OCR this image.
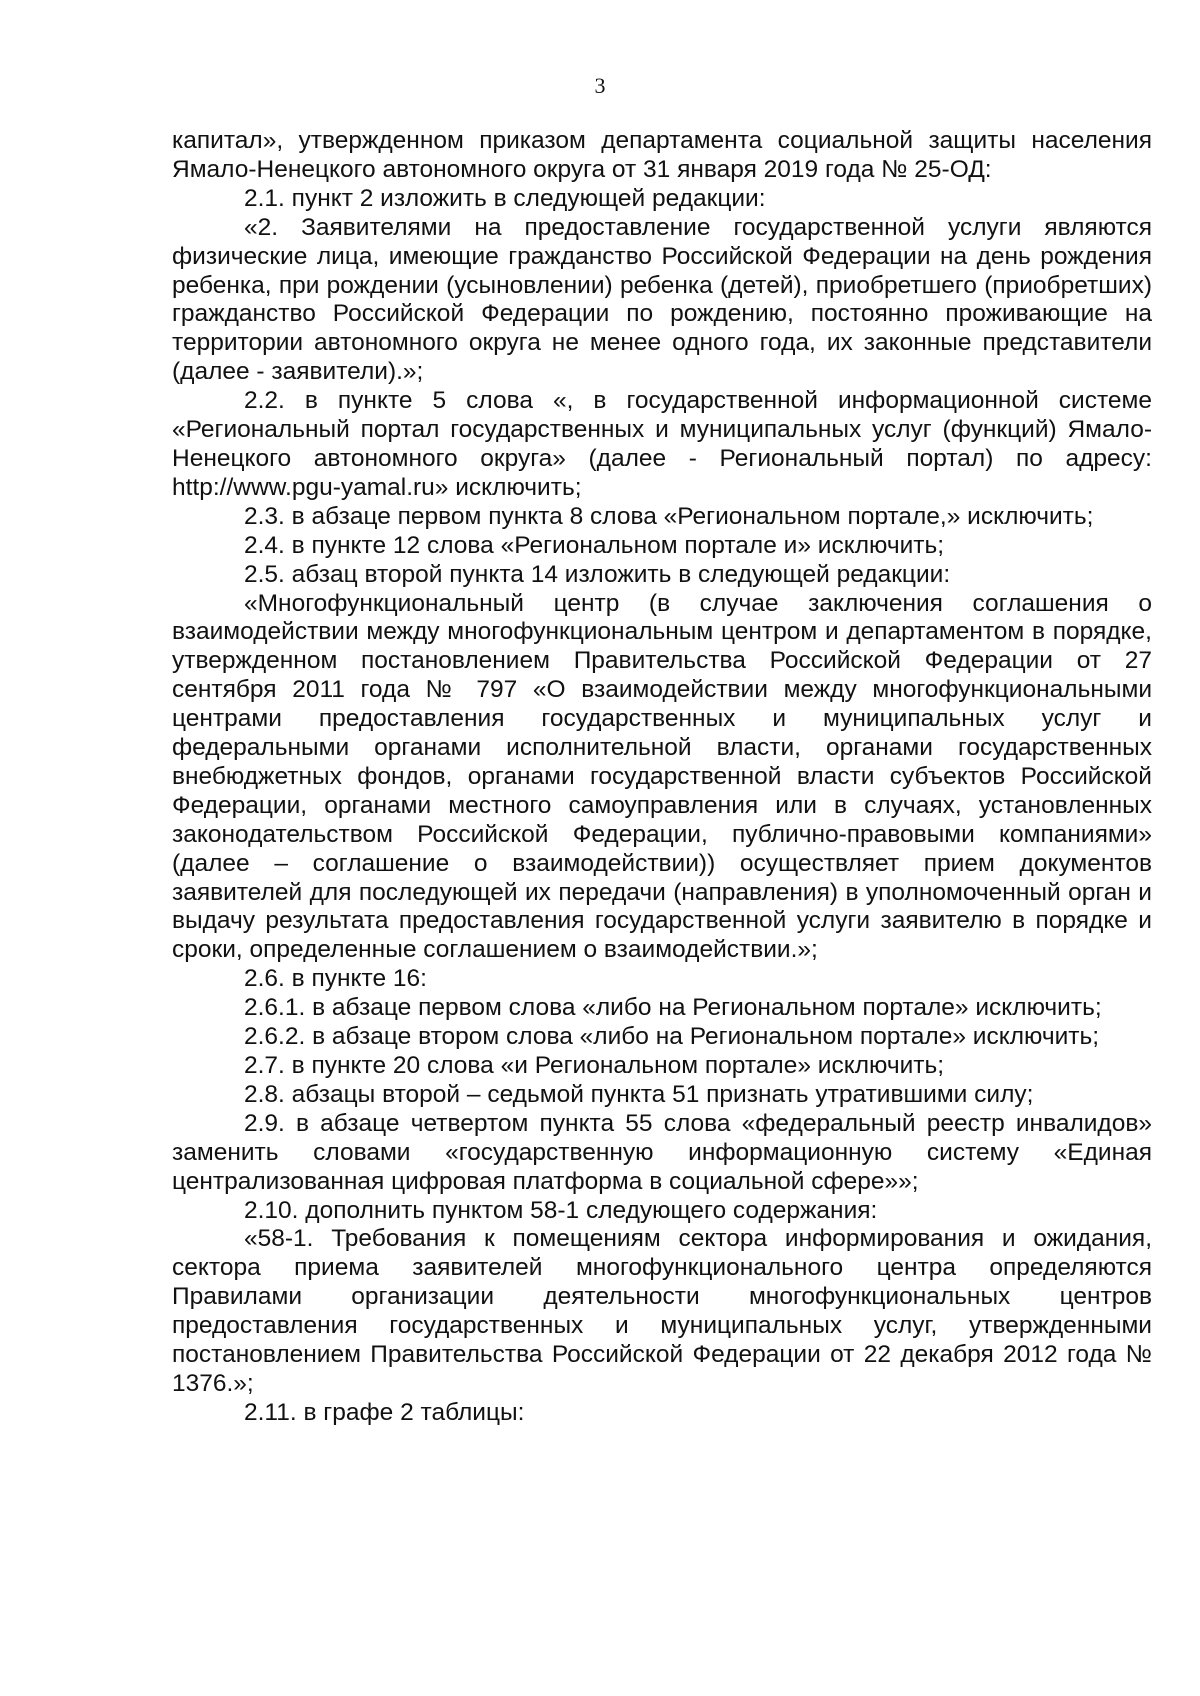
3

капитал», утвержденном приказом департамента социальной защиты населения Ямало-Ненецкого автономного округа от 31 января 2019 года № 25-ОД:

2.1. пункт 2 изложить в следующей редакции:

«2. Заявителями на предоставление государственной услуги являются физические лица, имеющие гражданство Российской Федерации на день рождения ребенка, при рождении (усыновлении) ребенка (детей), приобретшего (приобретших) гражданство Российской Федерации по рождению, постоянно проживающие на территории автономного округа не менее одного года, их законные представители (далее - заявители).»;

2.2. в пункте 5 слова «, в государственной информационной системе «Региональный портал государственных и муниципальных услуг (функций) Ямало-Ненецкого автономного округа» (далее - Региональный портал) по адресу: http://www.pgu-yamal.ru» исключить;

2.3. в абзаце первом пункта 8 слова «Региональном портале,» исключить;

2.4. в пункте 12 слова «Региональном портале и» исключить;

2.5. абзац второй пункта 14 изложить в следующей редакции:

«Многофункциональный центр (в случае заключения соглашения о взаимодействии между многофункциональным центром и департаментом в порядке, утвержденном постановлением Правительства Российской Федерации от 27 сентября 2011 года № 797 «О взаимодействии между многофункциональными центрами предоставления государственных и муниципальных услуг и федеральными органами исполнительной власти, органами государственных внебюджетных фондов, органами государственной власти субъектов Российской Федерации, органами местного самоуправления или в случаях, установленных законодательством Российской Федерации, публично-правовыми компаниями» (далее – соглашение о взаимодействии)) осуществляет прием документов заявителей для последующей их передачи (направления) в уполномоченный орган и выдачу результата предоставления государственной услуги заявителю в порядке и сроки, определенные соглашением о взаимодействии.»;

2.6. в пункте 16:

2.6.1. в абзаце первом слова «либо на Региональном портале» исключить;

2.6.2. в абзаце втором слова «либо на Региональном портале» исключить;

2.7. в пункте 20 слова «и Региональном портале» исключить;

2.8. абзацы второй – седьмой пункта 51 признать утратившими силу;

2.9. в абзаце четвертом пункта 55 слова «федеральный реестр инвалидов» заменить словами «государственную информационную систему «Единая централизованная цифровая платформа в социальной сфере»»;

2.10. дополнить пунктом 58-1 следующего содержания:

«58-1. Требования к помещениям сектора информирования и ожидания, сектора приема заявителей многофункционального центра определяются Правилами организации деятельности многофункциональных центров предоставления государственных и муниципальных услуг, утвержденными постановлением Правительства Российской Федерации от 22 декабря 2012 года № 1376.»;

2.11. в графе 2 таблицы:
